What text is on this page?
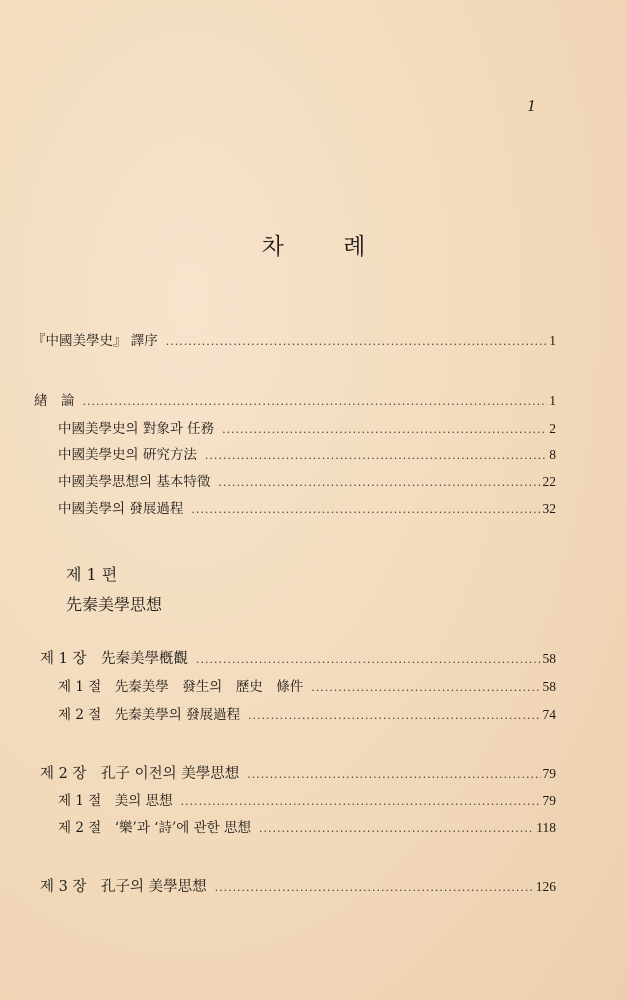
1
차 례
『中國美學史』 譯序 .....	1
緖　論 .....	1
中國美學史의 對象과 任務 .....	2
中國美學史의 硏究方法 .....	8
中國美學思想의 基本特徵 .....	22
中國美學의 發展過程 .....	32
제 1 편
先秦美學思想
제 1 장　先秦美學槪觀 .....	58
제 1 절　先秦美學　發生의　歷史　條件 .....	58
제 2 절　先秦美學의 發展過程 .....	74
제 2 장　孔子 이전의 美學思想 .....	79
제 1 절　美의 思想 .....	79
제 2 절　‘樂’과 ‘詩’에 관한 思想 .....	118
제 3 장　孔子의 美學思想 .....	126
